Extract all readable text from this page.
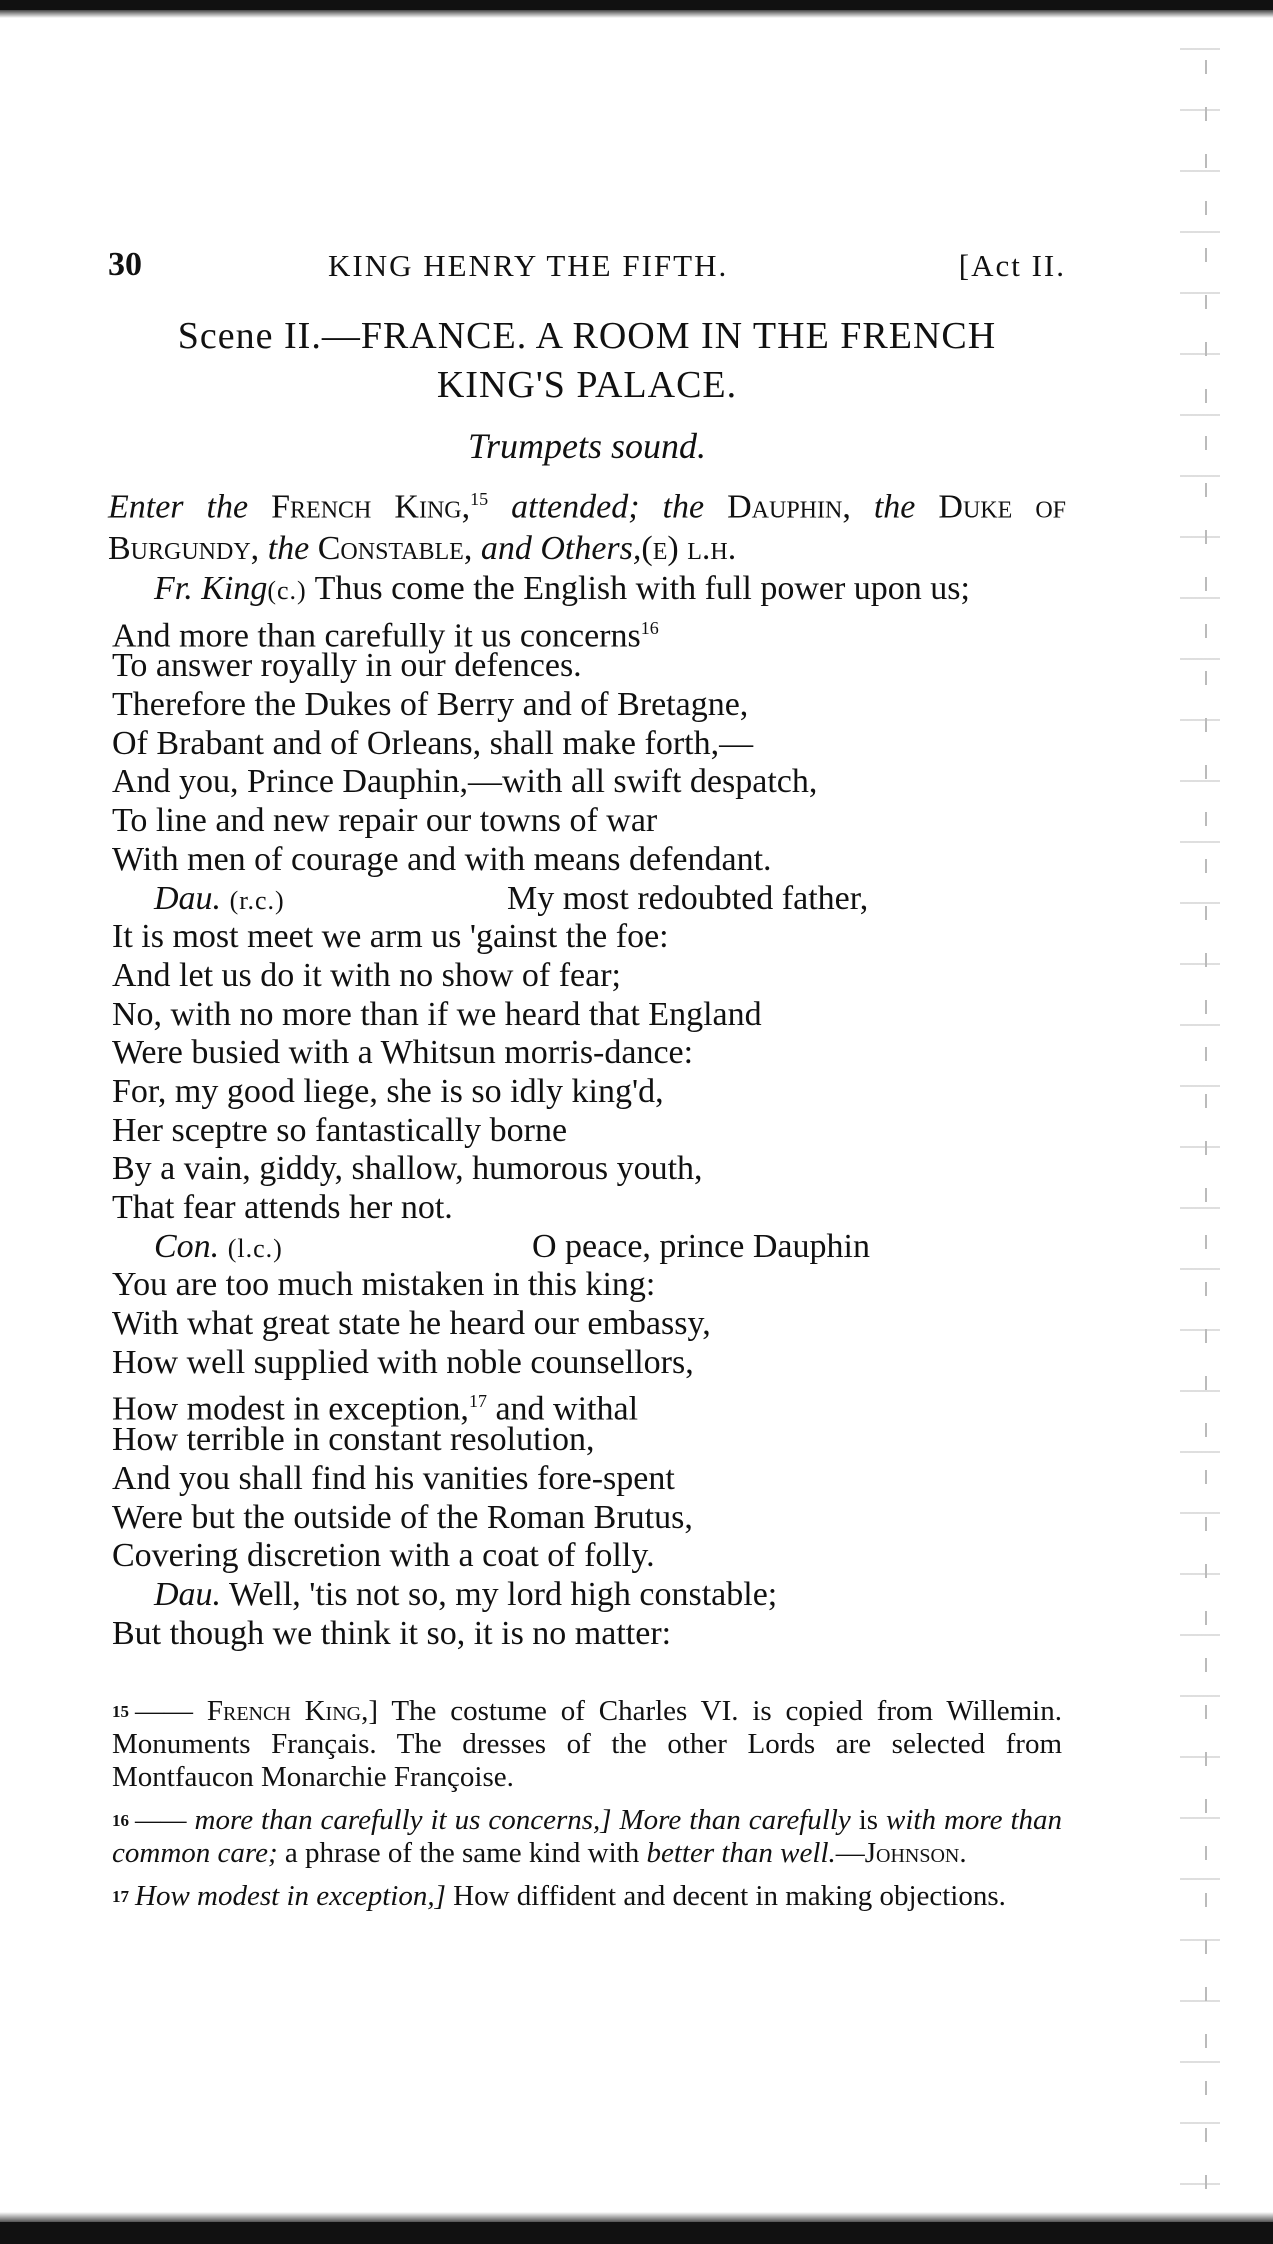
30	KING HENRY THE FIFTH.	[Act II.
Scene II.—FRANCE. A ROOM IN THE FRENCH
KING'S PALACE.
Trumpets sound.
Enter the French King,$^{15}$ attended; the Dauphin, the Duke of Burgundy, the Constable, and Others,(e) l.h.
Fr. King(c.) Thus come the English with full power upon us;
And more than carefully it us concerns$^{16}$
To answer royally in our defences.
Therefore the Dukes of Berry and of Bretagne,
Of Brabant and of Orleans, shall make forth,—
And you, Prince Dauphin,—with all swift despatch,
To line and new repair our towns of war
With men of courage and with means defendant.
Dau. (r.c.)	My most redoubted father,
It is most meet we arm us 'gainst the foe:
And let us do it with no show of fear;
No, with no more than if we heard that England
Were busied with a Whitsun morris-dance:
For, my good liege, she is so idly king'd,
Her sceptre so fantastically borne
By a vain, giddy, shallow, humorous youth,
That fear attends her not.
Con. (l.c.)	O peace, prince Dauphin
You are too much mistaken in this king:
With what great state he heard our embassy,
How well supplied with noble counsellors,
How modest in exception,$^{17}$ and withal
How terrible in constant resolution,
And you shall find his vanities fore-spent
Were but the outside of the Roman Brutus,
Covering discretion with a coat of folly.
Dau. Well, 'tis not so, my lord high constable;
But though we think it so, it is no matter:
$^{15}$ —— French King,] The costume of Charles VI. is copied from Willemin. Monuments Français. The dresses of the other Lords are selected from Montfaucon Monarchie Françoise.
$^{16}$ —— more than carefully it us concerns,] More than carefully is with more than common care; a phrase of the same kind with better than well.—Johnson.
$^{17}$ How modest in exception,] How diffident and decent in making objections.
